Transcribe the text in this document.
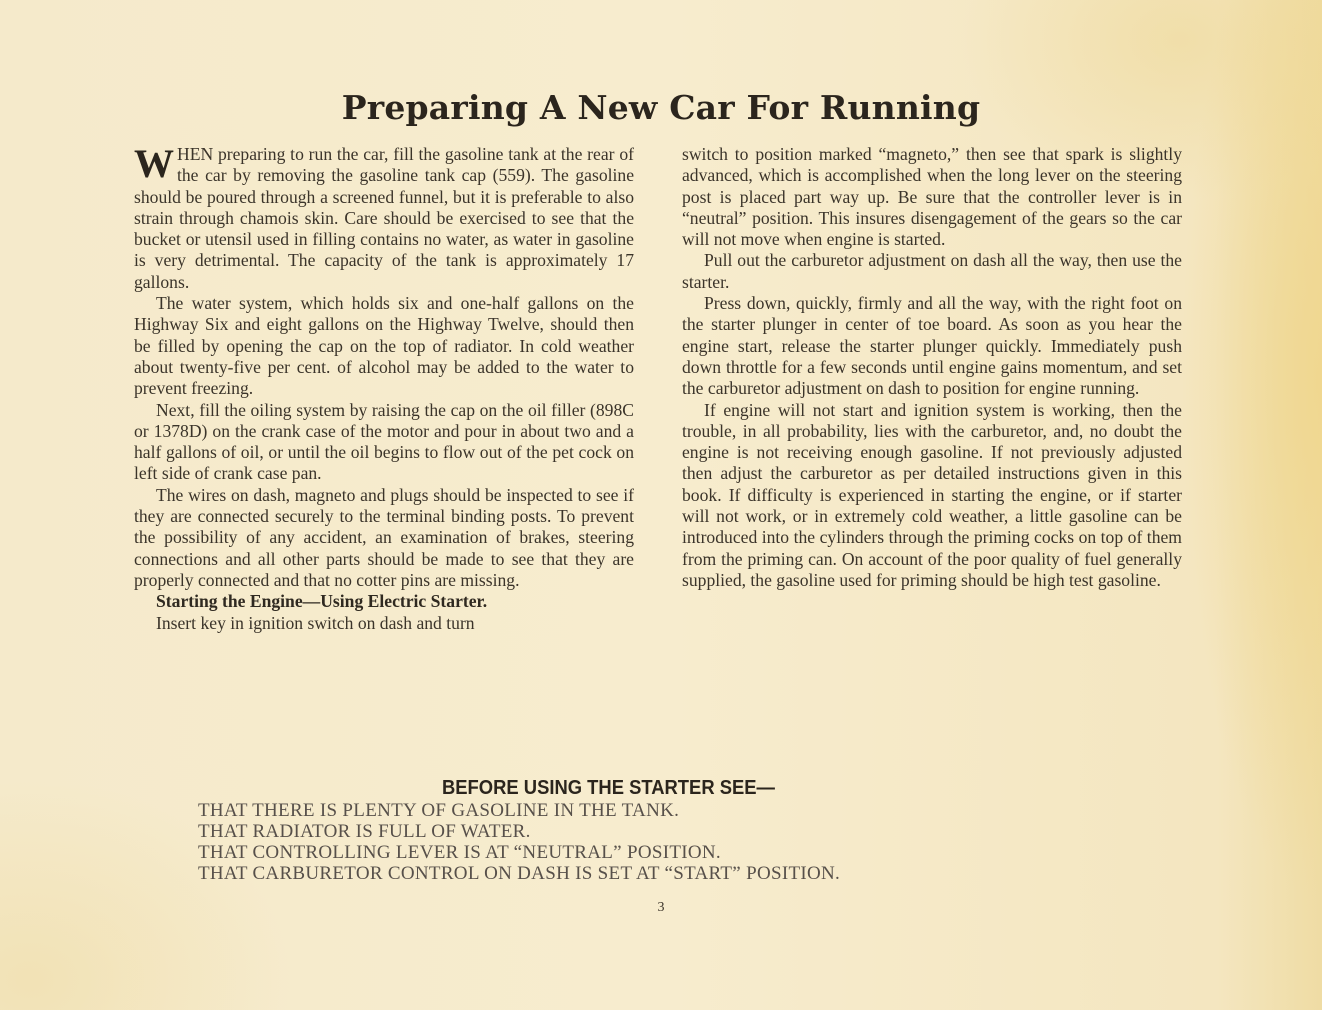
Preparing A New Car For Running

WHEN preparing to run the car, fill the gasoline tank at the rear of the car by removing the gasoline tank cap (559). The gasoline should be poured through a screened funnel, but it is preferable to also strain through chamois skin. Care should be exercised to see that the bucket or utensil used in filling contains no water, as water in gasoline is very detrimental. The capacity of the tank is approximately 17 gallons.

The water system, which holds six and one-half gallons on the Highway Six and eight gallons on the Highway Twelve, should then be filled by opening the cap on the top of radiator. In cold weather about twenty-five per cent. of alcohol may be added to the water to prevent freezing.

Next, fill the oiling system by raising the cap on the oil filler (898C or 1378D) on the crank case of the motor and pour in about two and a half gallons of oil, or until the oil begins to flow out of the pet cock on left side of crank case pan.

The wires on dash, magneto and plugs should be inspected to see if they are connected securely to the terminal binding posts. To prevent the possibility of any accident, an examination of brakes, steering connections and all other parts should be made to see that they are properly connected and that no cotter pins are missing.

Starting the Engine—Using Electric Starter.

Insert key in ignition switch on dash and turn

switch to position marked “magneto,” then see that spark is slightly advanced, which is accomplished when the long lever on the steering post is placed part way up. Be sure that the controller lever is in “neutral” position. This insures disengagement of the gears so the car will not move when engine is started.

Pull out the carburetor adjustment on dash all the way, then use the starter.

Press down, quickly, firmly and all the way, with the right foot on the starter plunger in center of toe board. As soon as you hear the engine start, release the starter plunger quickly. Immediately push down throttle for a few seconds until engine gains momentum, and set the carburetor adjustment on dash to position for engine running.

If engine will not start and ignition system is working, then the trouble, in all probability, lies with the carburetor, and, no doubt the engine is not receiving enough gasoline. If not previously adjusted then adjust the carburetor as per detailed instructions given in this book. If difficulty is experienced in starting the engine, or if starter will not work, or in extremely cold weather, a little gasoline can be introduced into the cylinders through the priming cocks on top of them from the priming can. On account of the poor quality of fuel generally supplied, the gasoline used for priming should be high test gasoline.

BEFORE USING THE STARTER SEE—
THAT THERE IS PLENTY OF GASOLINE IN THE TANK.
THAT RADIATOR IS FULL OF WATER.
THAT CONTROLLING LEVER IS AT “NEUTRAL” POSITION.
THAT CARBURETOR CONTROL ON DASH IS SET AT “START” POSITION.
3
